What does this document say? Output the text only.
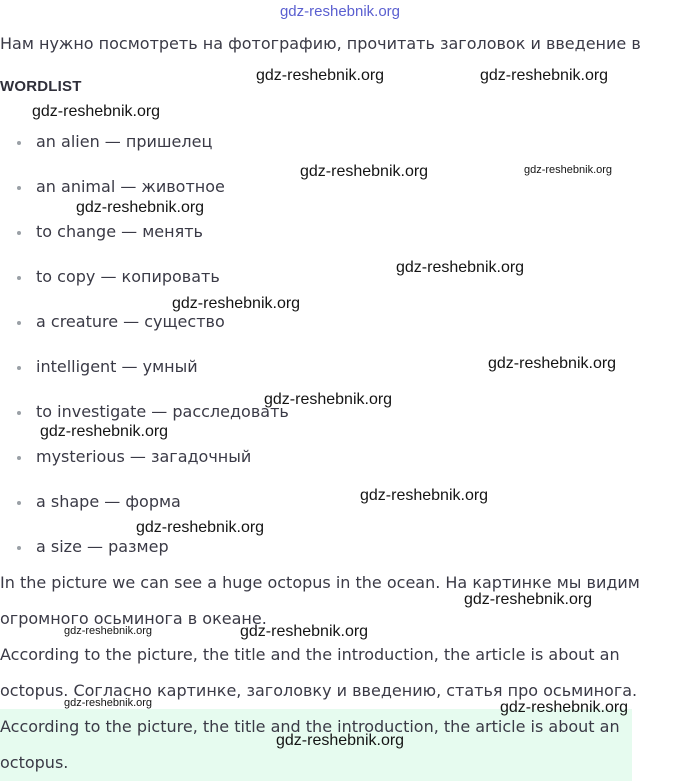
gdz-reshebnik.org
Нам нужно посмотреть на фотографию, прочитать заголовок и введение в
WORDLIST
an alien — пришелец
an animal — животное
to change — менять
to copy — копировать
a creature — существо
intelligent — умный
to investigate — расследовать
mysterious — загадочный
a shape — форма
a size — размер
In the picture we can see a huge octopus in the ocean. На картинке мы видим огромного осьминога в океане.
According to the picture, the title and the introduction, the article is about an octopus. Согласно картинке, заголовку и введению, статья про осьминога.
According to the picture, the title and the introduction, the article is about an octopus.
gdz-reshebnik.org	gdz-reshebnik.org
gdz-reshebnik.org
gdz-reshebnik.org	gdz-reshebnik.org
gdz-reshebnik.org
gdz-reshebnik.org
gdz-reshebnik.org
gdz-reshebnik.org
gdz-reshebnik.org
gdz-reshebnik.org
gdz-reshebnik.org
gdz-reshebnik.org
gdz-reshebnik.org
gdz-reshebnik.org	gdz-reshebnik.org
gdz-reshebnik.org	gdz-reshebnik.org
gdz-reshebnik.org
